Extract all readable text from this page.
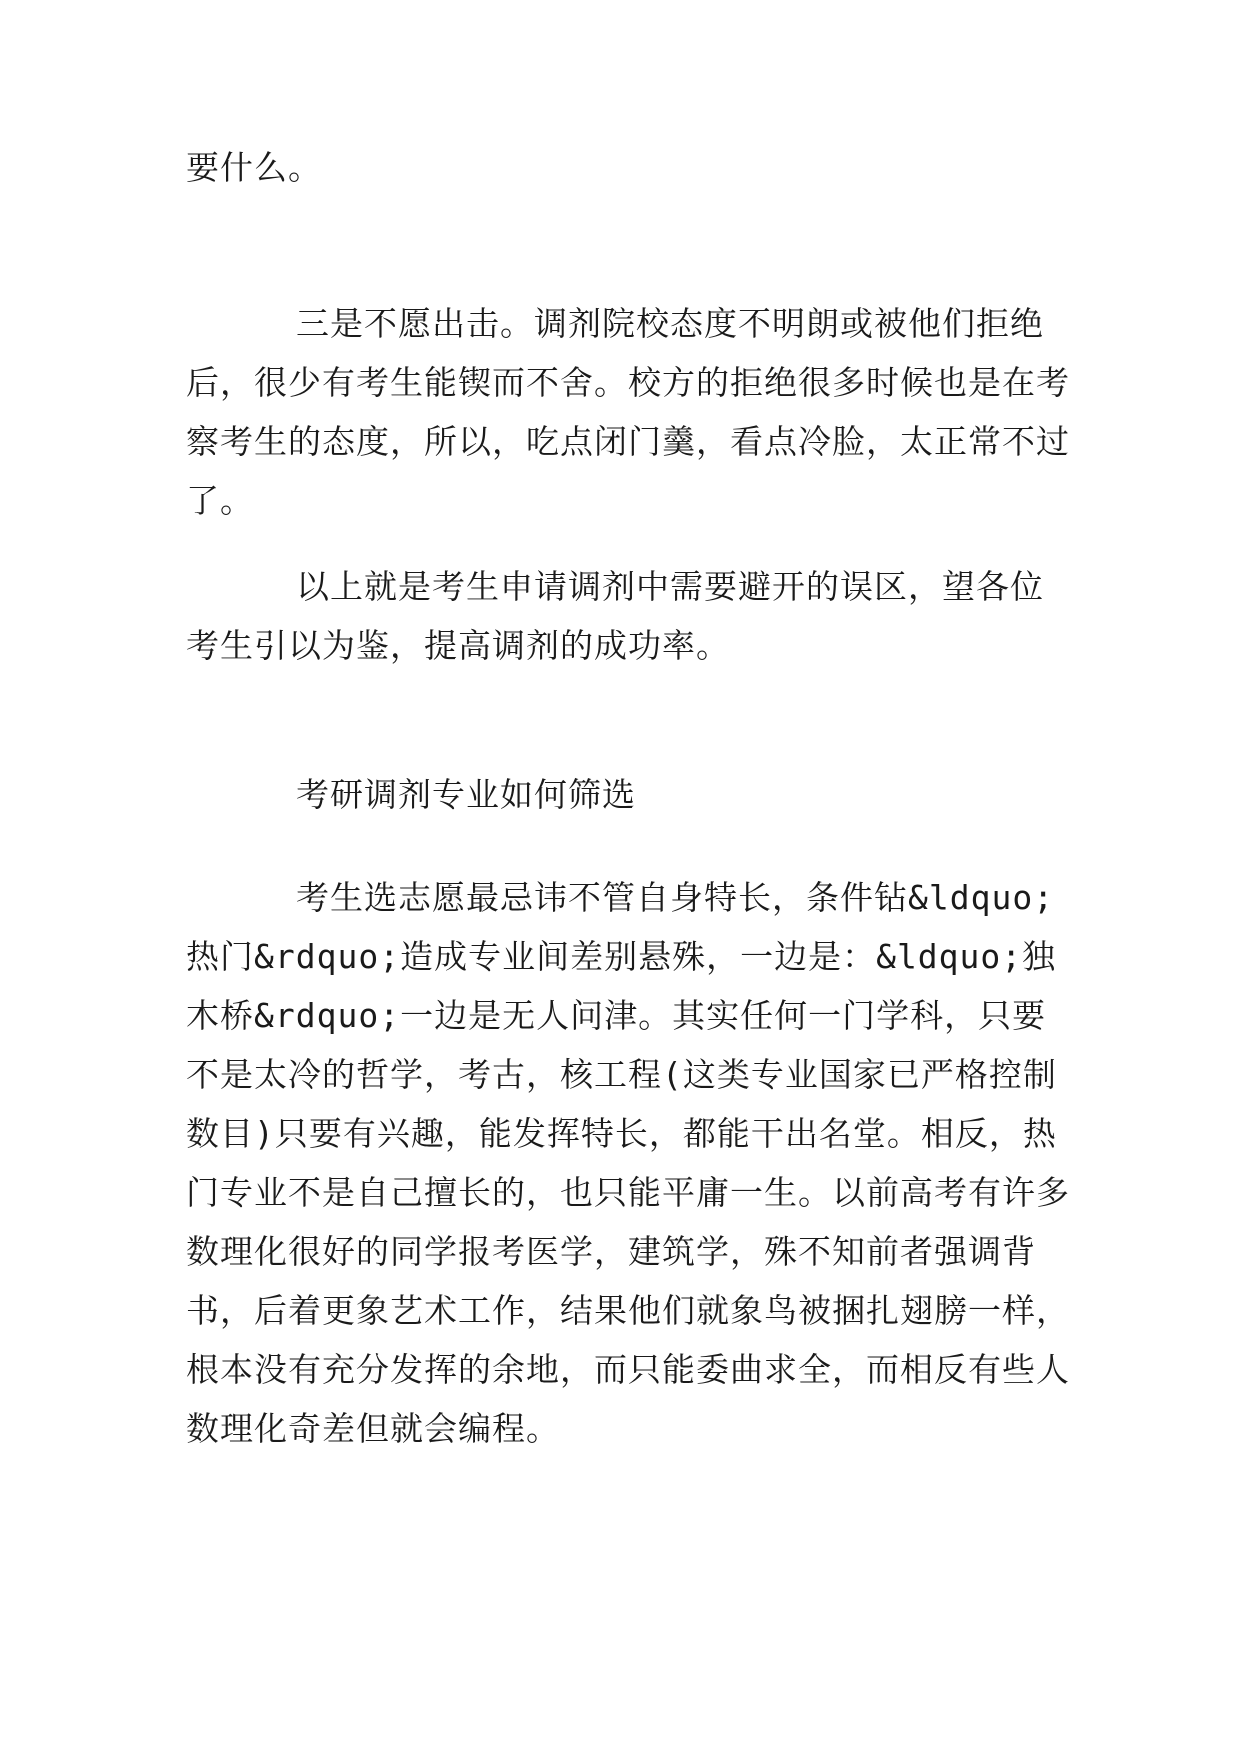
要什么。

三是不愿出击。调剂院校态度不明朗或被他们拒绝后，很少有考生能锲而不舍。校方的拒绝很多时候也是在考察考生的态度，所以，吃点闭门羹，看点冷脸，太正常不过了。

以上就是考生申请调剂中需要避开的误区，望各位考生引以为鉴，提高调剂的成功率。

考研调剂专业如何筛选

考生选志愿最忌讳不管自身特长，条件钻&ldquo;热门&rdquo;造成专业间差别悬殊，一边是：&ldquo;独木桥&rdquo;一边是无人问津。其实任何一门学科，只要不是太冷的哲学，考古，核工程(这类专业国家已严格控制数目)只要有兴趣，能发挥特长，都能干出名堂。相反，热门专业不是自己擅长的，也只能平庸一生。以前高考有许多数理化很好的同学报考医学，建筑学，殊不知前者强调背书，后着更象艺术工作，结果他们就象鸟被捆扎翅膀一样，根本没有充分发挥的余地，而只能委曲求全，而相反有些人数理化奇差但就会编程。
